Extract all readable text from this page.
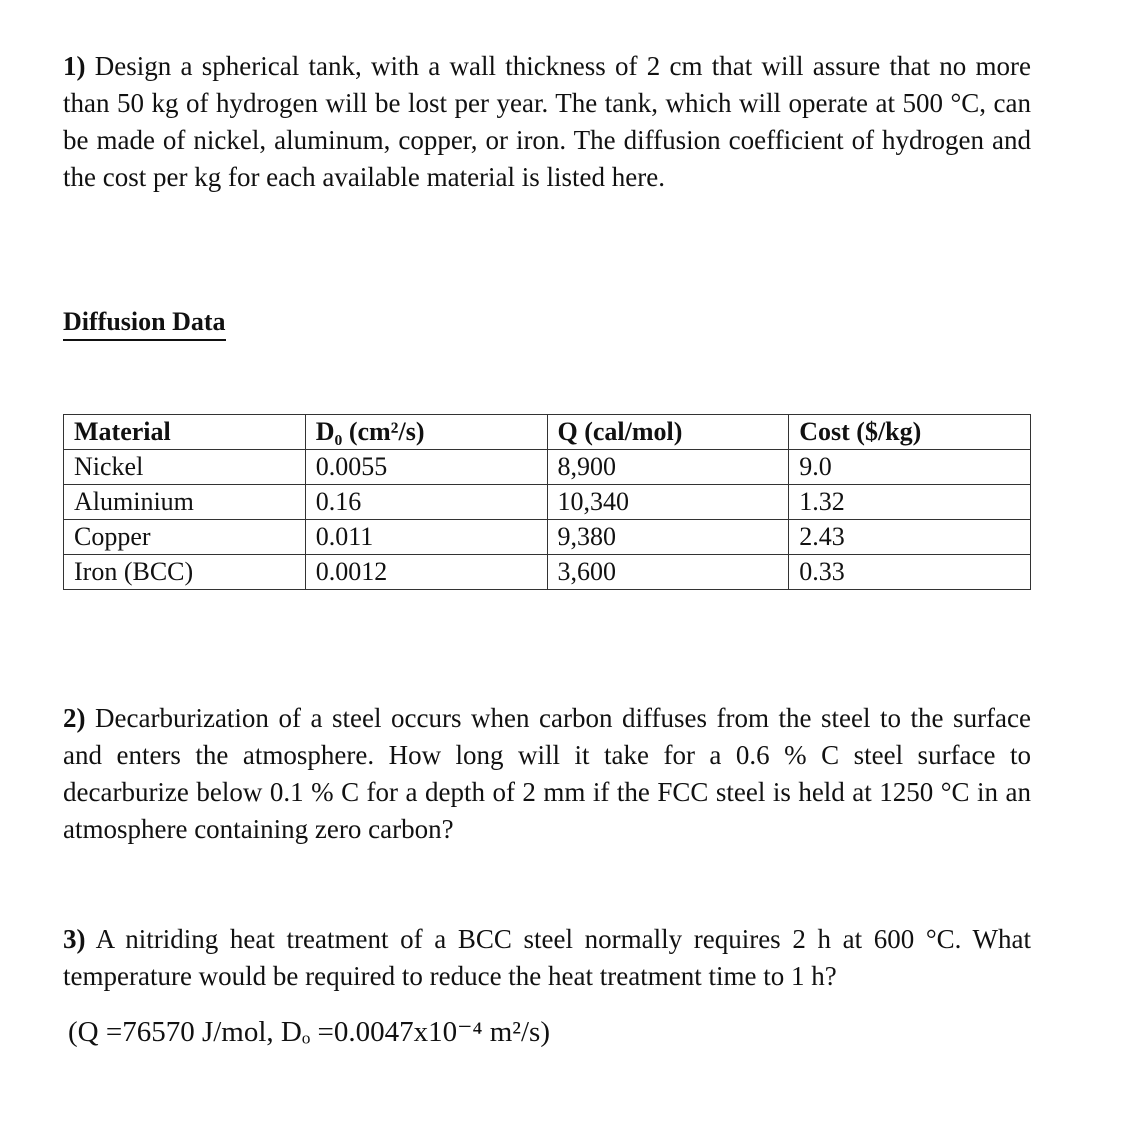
1) Design a spherical tank, with a wall thickness of 2 cm that will assure that no more than 50 kg of hydrogen will be lost per year. The tank, which will operate at 500 °C, can be made of nickel, aluminum, copper, or iron. The diffusion coefficient of hydrogen and the cost per kg for each available material is listed here.

Diffusion Data
Material	D₀ (cm²/s)	Q (cal/mol)	Cost ($/kg)
Nickel	0.0055	8,900	9.0
Aluminium	0.16	10,340	1.32
Copper	0.011	9,380	2.43
Iron (BCC)	0.0012	3,600	0.33

2) Decarburization of a steel occurs when carbon diffuses from the steel to the surface and enters the atmosphere. How long will it take for a 0.6 % C steel surface to decarburize below 0.1 % C for a depth of 2 mm if the FCC steel is held at 1250 °C in an atmosphere containing zero carbon?

3) A nitriding heat treatment of a BCC steel normally requires 2 h at 600 °C. What temperature would be required to reduce the heat treatment time to 1 h?

(Q =76570 J/mol, Dₒ =0.0047x10⁻⁴ m²/s)
